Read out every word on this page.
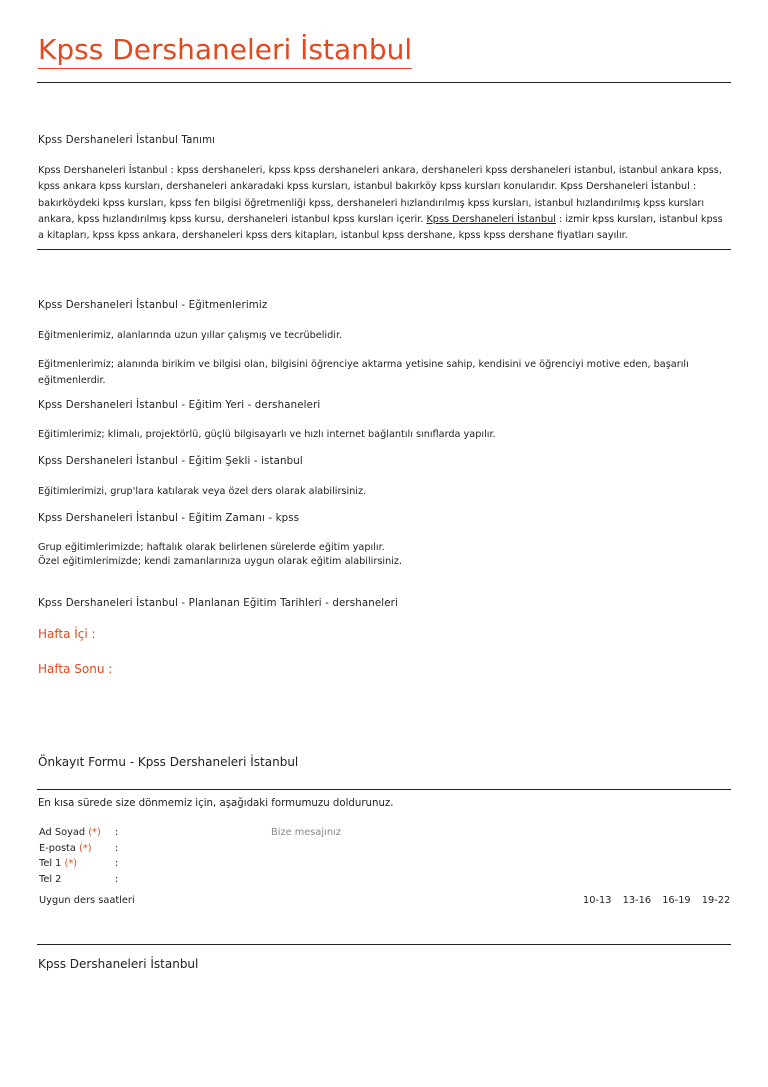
Kpss Dershaneleri İstanbul
Kpss Dershaneleri İstanbul Tanımı

Kpss Dershaneleri İstanbul : kpss dershaneleri, kpss kpss dershaneleri ankara, dershaneleri kpss dershaneleri istanbul, istanbul ankara kpss, kpss ankara kpss kursları, dershaneleri ankaradaki kpss kursları, istanbul bakırköy kpss kursları konularıdır. Kpss Dershaneleri İstanbul : bakırköydeki kpss kursları, kpss fen bilgisi öğretmenliği kpss, dershaneleri hızlandırılmış kpss kursları, istanbul hızlandırılmış kpss kursları ankara, kpss hızlandırılmış kpss kursu, dershaneleri istanbul kpss kursları içerir. Kpss Dershaneleri İstanbul : izmir kpss kursları, istanbul kpss a kitapları, kpss kpss ankara, dershaneleri kpss ders kitapları, istanbul kpss dershane, kpss kpss dershane fiyatları sayılır.

Kpss Dershaneleri İstanbul - Eğitmenlerimiz

Eğitmenlerimiz, alanlarında uzun yıllar çalışmış ve tecrübelidir.

Eğitmenlerimiz; alanında birikim ve bilgisi olan, bilgisini öğrenciye aktarma yetisine sahip, kendisini ve öğrenciyi motive eden, başarılı eğitmenlerdir.

Kpss Dershaneleri İstanbul - Eğitim Yeri - dershaneleri

Eğitimlerimiz; klimalı, projektörlü, güçlü bilgisayarlı ve hızlı internet bağlantılı sınıflarda yapılır.

Kpss Dershaneleri İstanbul - Eğitim Şekli - istanbul

Eğitimlerimizi, grup'lara katılarak veya özel ders olarak alabilirsiniz.

Kpss Dershaneleri İstanbul - Eğitim Zamanı - kpss

Grup eğitimlerimizde; haftalık olarak belirlenen sürelerde eğitim yapılır.

Özel eğitimlerimizde; kendi zamanlarınıza uygun olarak eğitim alabilirsiniz.

Kpss Dershaneleri İstanbul - Planlanan Eğitim Tarihleri - dershaneleri
Hafta İçi :
Hafta Sonu :
Önkayıt Formu - Kpss Dershaneleri İstanbul
En kısa sürede size dönmemiz için, aşağıdaki formumuzu doldurunuz.
Ad Soyad (*)
E-posta (*)
Tel 1 (*)
Tel 2
:
:
:
:
Bize mesajınız
Uygun ders saatleri	10-13 13-16 16-19 19-22
Kpss Dershaneleri İstanbul
